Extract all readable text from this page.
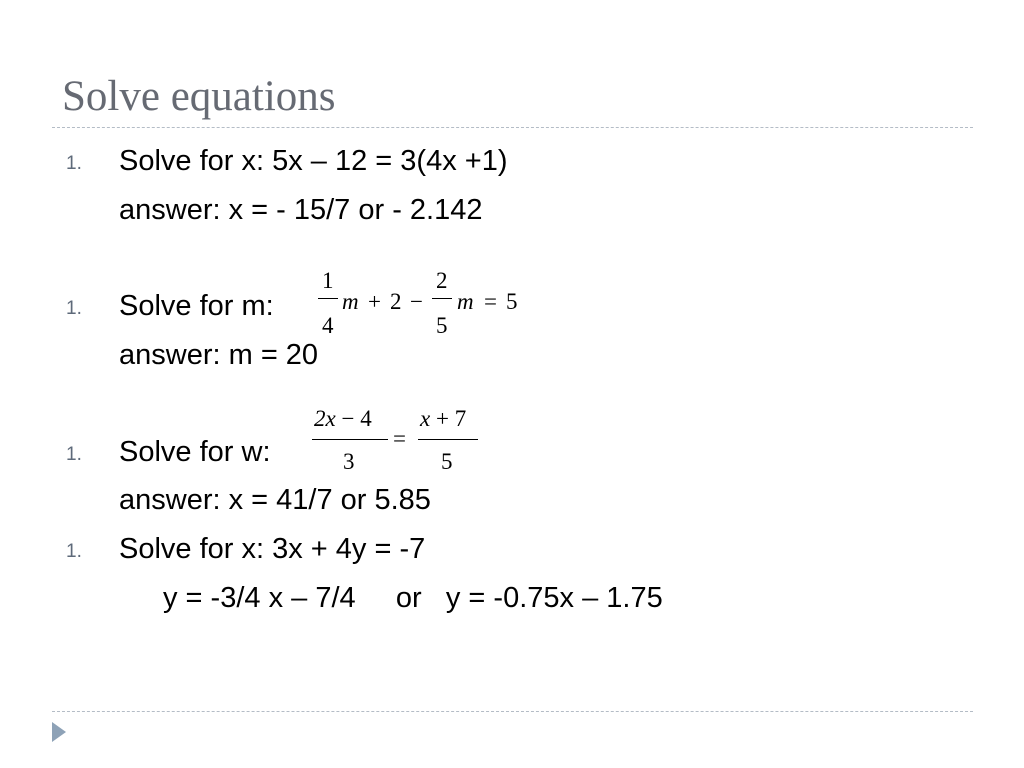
Solve equations
1. Solve for x: 5x – 12 = 3(4x +1)
answer: x = - 15/7 or - 2.142
1. Solve for m:
1
4
m + 2 −
2
5
m = 5
answer: m = 20
1. Solve for w:
2x − 4
3
=
x + 7
5
answer: x = 41/7 or 5.85
1. Solve for x: 3x + 4y = -7
y = -3/4 x – 7/4     or   y = -0.75x – 1.75
